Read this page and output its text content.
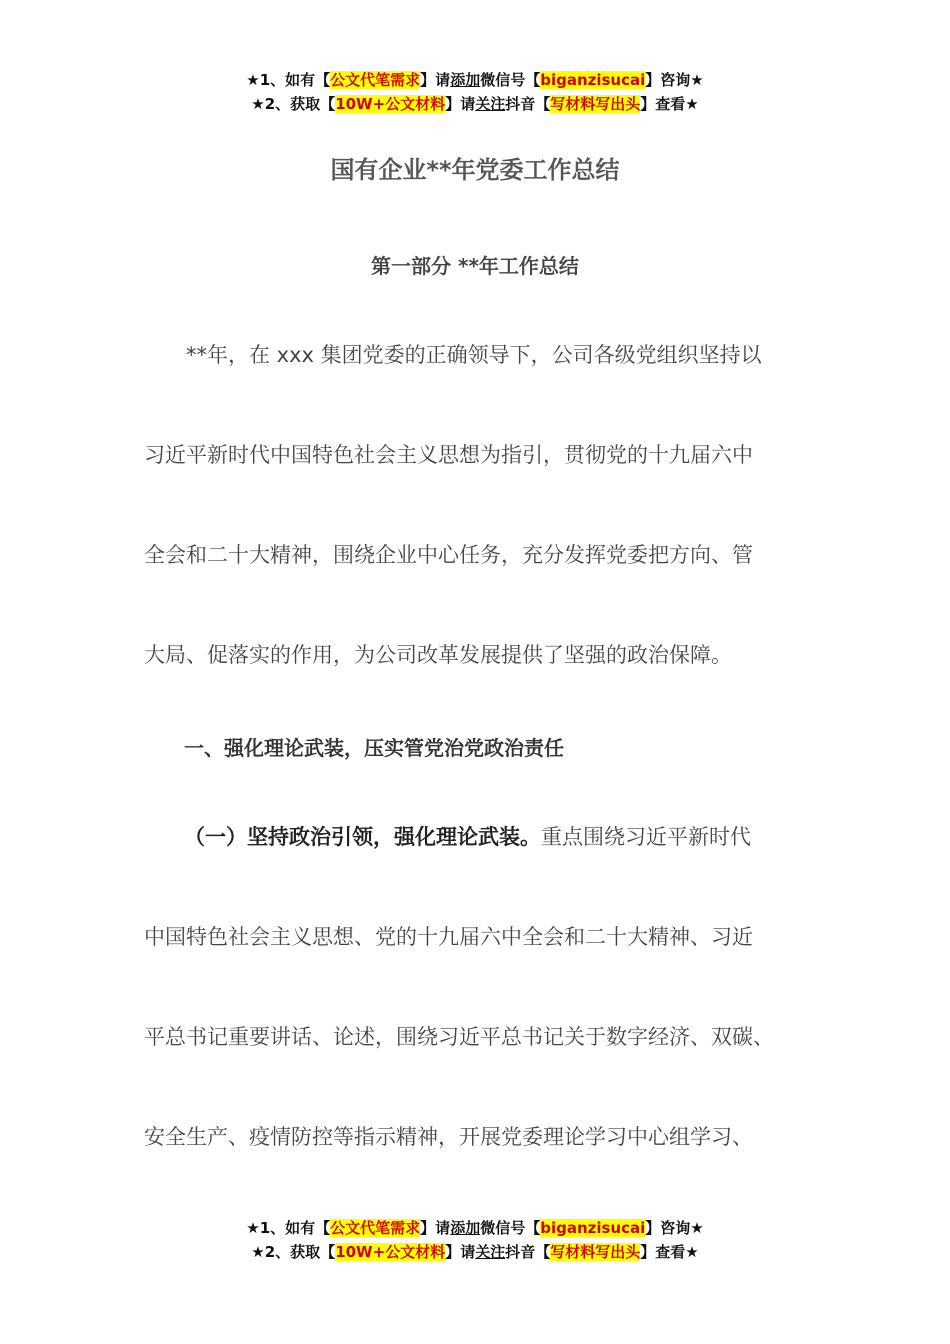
★1、如有【公文代笔需求】请添加微信号【biganzisucai】咨询★
★2、获取【10W+公文材料】请关注抖音【写材料写出头】查看★
国有企业**年党委工作总结
第一部分 **年工作总结
　　**年，在 xxx 集团党委的正确领导下，公司各级党组织坚持以
习近平新时代中国特色社会主义思想为指引，贯彻党的十九届六中
全会和二十大精神，围绕企业中心任务，充分发挥党委把方向、管
大局、促落实的作用，为公司改革发展提供了坚强的政治保障。
一、强化理论武装，压实管党治党政治责任
（一）坚持政治引领，强化理论武装。重点围绕习近平新时代
中国特色社会主义思想、党的十九届六中全会和二十大精神、习近
平总书记重要讲话、论述，围绕习近平总书记关于数字经济、双碳、
安全生产、疫情防控等指示精神，开展党委理论学习中心组学习、
★1、如有【公文代笔需求】请添加微信号【biganzisucai】咨询★
★2、获取【10W+公文材料】请关注抖音【写材料写出头】查看★
